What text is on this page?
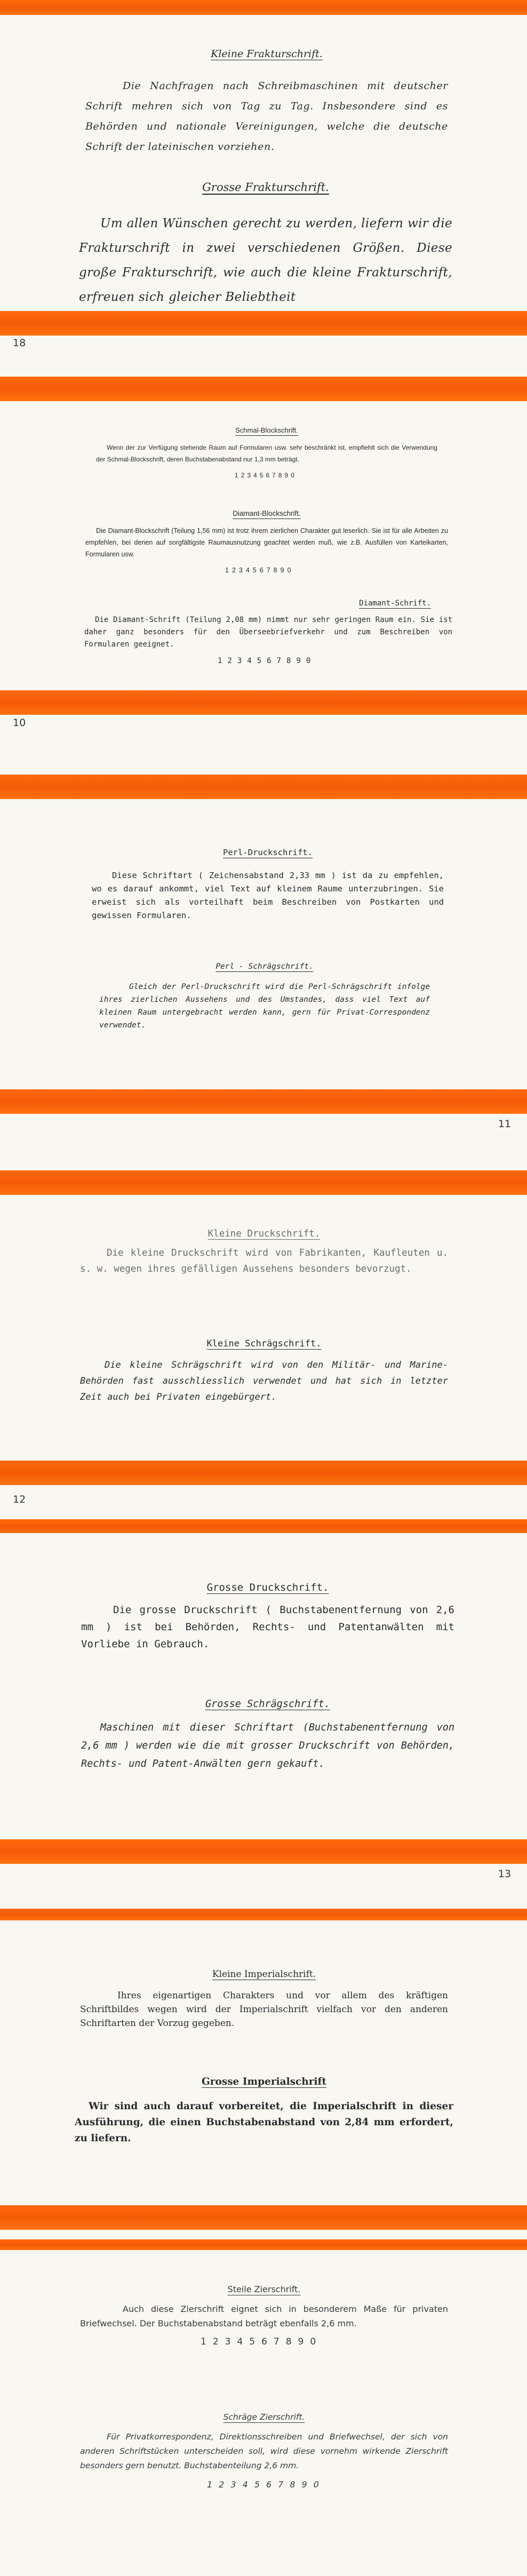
Kleine Frakturschrift.

Die Nachfragen nach Schreibmaschinen mit deutscher Schrift mehren sich von Tag zu Tag. Insbesondere sind es Behörden und nationale Vereinigungen, welche die deutsche Schrift der lateinischen vorziehen.

Grosse Frakturschrift.

Um allen Wünschen gerecht zu werden, liefern wir die Frakturschrift in zwei verschiedenen Größen. Diese große Frakturschrift, wie auch die kleine Frakturschrift, erfreuen sich gleicher Beliebtheit

18
Schmal-Blockschrift.

Wenn der zur Verfügung stehende Raum auf Formularen usw. sehr beschränkt ist, empfiehlt sich die Verwendung der Schmal-Blockschrift, deren Buchstabenabstand nur 1,3 mm beträgt.

1234567890
Diamant-Blockschrift.

Die Diamant-Blockschrift (Teilung 1,56 mm) ist trotz ihrem zierlichen Charakter gut leserlich. Sie ist für alle Arbeiten zu empfehlen, bei denen auf sorgfältigste Raumausnutzung geachtet werden muß, wie z.B. Ausfüllen von Karteikarten, Formularen usw.

1234567890
Diamant-Schrift.

Die Diamant-Schrift (Teilung 2,08 mm) nimmt nur sehr geringen Raum ein. Sie ist daher ganz besonders für den Überseebriefverkehr und zum Beschreiben von Formularen geeignet.

1234567890
10
Perl-Druckschrift.

Diese Schriftart ( Zeichensabstand 2,33 mm ) ist da zu empfehlen, wo es darauf ankommt, viel Text auf kleinem Raume unterzubringen. Sie erweist sich als vorteilhaft beim Beschreiben von Postkarten und gewissen Formularen.

Perl - Schrägschrift.

Gleich der Perl-Druckschrift wird die Perl-Schrägschrift infolge ihres zierlichen Aussehens und des Umstandes, dass viel Text auf kleinen Raum untergebracht werden kann, gern für Privat-Correspondenz verwendet.

11
Kleine Druckschrift.

Die kleine Druckschrift wird von Fabrikanten, Kaufleuten u. s. w. wegen ihres gefälligen Aussehens besonders bevorzugt.

Kleine Schrägschrift.

Die kleine Schrägschrift wird von den Militär- und Marine-Behörden fast ausschliesslich verwendet und hat sich in letzter Zeit auch bei Privaten eingebürgert.

12
Grosse Druckschrift.

Die grosse Druckschrift ( Buchstabenentfernung von 2,6 mm ) ist bei Behörden, Rechts- und Patentanwälten mit Vorliebe in Gebrauch.

Grosse Schrägschrift.

Maschinen mit dieser Schriftart (Buchstabenentfernung von 2,6 mm ) werden wie die mit grosser Druckschrift von Behörden, Rechts- und Patent-Anwälten gern gekauft.

13
Kleine Imperialschrift.

Ihres eigenartigen Charakters und vor allem des kräftigen Schriftbildes wegen wird der Imperialschrift vielfach vor den anderen Schriftarten der Vorzug gegeben.

Grosse Imperialschrift

Wir sind auch darauf vorbereitet, die Imperialschrift in dieser Ausführung, die einen Buchstabenabstand von 2,84 mm erfordert, zu liefern.

Steile Zierschrift.

Auch diese Zierschrift eignet sich in besonderem Maße für privaten Briefwechsel. Der Buchstabenabstand beträgt ebenfalls 2,6 mm.

1234567890
Schräge Zierschrift.

Für Privatkorrespondenz, Direktionsschreiben und Briefwechsel, der sich von anderen Schriftstücken unterscheiden soll, wird diese vornehm wirkende Zierschrift besonders gern benutzt. Buchstabenteilung 2,6 mm.

1234567890
